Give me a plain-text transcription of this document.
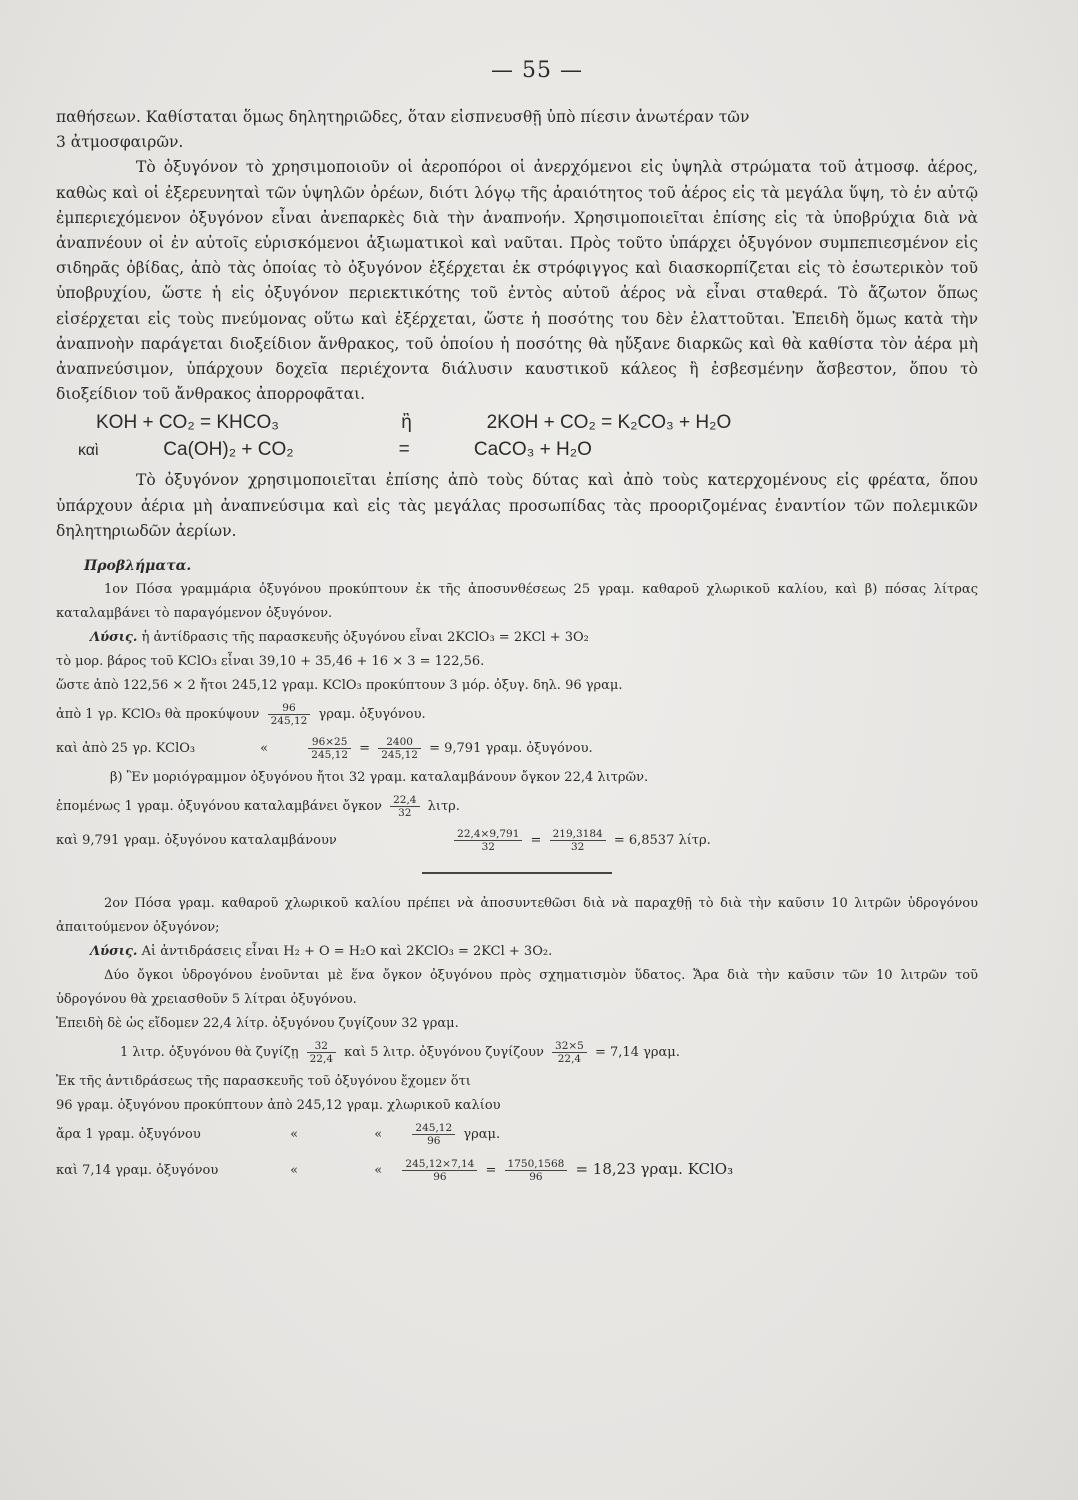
— 55 —

παθήσεων. Καθίσταται ὅμως δηλητηριῶδες, ὅταν εἰσπνευσθῇ ὑπὸ πίεσιν ἀνωτέραν τῶν

3 ἀτμοσφαιρῶν.

Τὸ ὀξυγόνον τὸ χρησιμοποιοῦν οἱ ἀεροπόροι οἱ ἀνερχόμενοι εἰς ὑψηλὰ στρώματα τοῦ ἀτμοσφ. ἀέρος, καθὼς καὶ οἱ ἐξερευνηταὶ τῶν ὑψηλῶν ὀρέων, διότι λόγῳ τῆς ἀραιότητος τοῦ ἀέρος εἰς τὰ μεγάλα ὕψη, τὸ ἐν αὐτῷ ἐμπεριεχόμενον ὀξυγόνον εἶναι ἀνεπαρκὲς διὰ τὴν ἀναπνοήν. Χρησιμοποιεῖται ἐπίσης εἰς τὰ ὑποβρύχια διὰ νὰ ἀναπνέουν οἱ ἐν αὐτοῖς εὑρισκόμενοι ἀξιωματικοὶ καὶ ναῦται. Πρὸς τοῦτο ὑπάρχει ὀξυγόνον συμπεπιεσμένον εἰς σιδηρᾶς ὀβίδας, ἀπὸ τὰς ὁποίας τὸ ὀξυγόνον ἐξέρχεται ἐκ στρόφιγγος καὶ διασκορπίζεται εἰς τὸ ἐσωτερικὸν τοῦ ὑποβρυχίου, ὥστε ἡ εἰς ὀξυγόνον περιεκτικότης τοῦ ἐντὸς αὐτοῦ ἀέρος νὰ εἶναι σταθερά. Τὸ ἄζωτον ὅπως εἰσέρχεται εἰς τοὺς πνεύμονας οὕτω καὶ ἐξέρχεται, ὥστε ἡ ποσότης του δὲν ἐλαττοῦται. Ἐπειδὴ ὅμως κατὰ τὴν ἀναπνοὴν παράγεται διοξείδιον ἄνθρακος, τοῦ ὁποίου ἡ ποσότης θὰ ηὔξανε διαρκῶς καὶ θὰ καθίστα τὸν ἀέρα μὴ ἀναπνεύσιμον, ὑπάρχουν δοχεῖα περιέχοντα διάλυσιν καυστικοῦ κάλεος ἢ ἐσβεσμένην ἄσβεστον, ὅπου τὸ διοξείδιον τοῦ ἄνθρακος ἀπορροφᾶται.

KOH + CO₂ = KHCO₃	ἢ	2KOH + CO₂ = K₂CO₃ + H₂O
καὶ	Ca(OH)₂ + CO₂	=	CaCO₃ + H₂O

Τὸ ὀξυγόνον χρησιμοποιεῖται ἐπίσης ἀπὸ τοὺς δύτας καὶ ἀπὸ τοὺς κατερχομένους εἰς φρέατα, ὅπου ὑπάρχουν ἀέρια μὴ ἀναπνεύσιμα καὶ εἰς τὰς μεγάλας προσωπίδας τὰς προοριζομένας ἐναντίον τῶν πολεμικῶν δηλητηριωδῶν ἀερίων.

Προβλήματα.

1ον Πόσα γραμμάρια ὀξυγόνου προκύπτουν ἐκ τῆς ἀποσυνθέσεως 25 γραμ. καθαροῦ χλωρικοῦ καλίου, καὶ β) πόσας λίτρας καταλαμβάνει τὸ παραγόμενον ὀξυγόνον.

Λύσις. ἡ ἀντίδρασις τῆς παρασκευῆς ὀξυγόνου εἶναι 2KClO₃ = 2KCl + 3O₂
τὸ μορ. βάρος τοῦ KClO₃ εἶναι 39,10 + 35,46 + 16 × 3 = 122,56.
ὥστε ἀπὸ 122,56 × 2 ἤτοι 245,12 γραμ. KClO₃ προκύπτουν 3 μόρ. ὀξυγ. δηλ. 96 γραμ.
ἀπὸ 1 γρ. KClO₃ θὰ προκύψουν $\frac{96}{245,12} \gamma\rho\alpha\mu$. ὀξυγόνου.
καὶ ἀπὸ 25 γρ. KClO₃	«	$\frac{96\times 25}{245,12} = \frac{2400}{245,12} = 9,791$ γραμ. ὀξυγόνου.
β) Ἓν μοριόγραμμον ὀξυγόνου ἤτοι 32 γραμ. καταλαμβάνουν ὄγκον 22,4 λιτρῶν.
ἑπομένως 1 γραμ. ὀξυγόνου καταλαμβάνει ὄγκον $\frac{22,4}{32} \lambda\iota\tau\rho$.
καὶ 9,791 γραμ. ὀξυγόνου καταλαμβάνουν	$\frac{22,4\times 9,791}{32} = \frac{219,3184}{32} = 6,8537$ λίτρ.

2ον Πόσα γραμ. καθαροῦ χλωρικοῦ καλίου πρέπει νὰ ἀποσυντεθῶσι διὰ νὰ παραχθῇ τὸ διὰ τὴν καῦσιν 10 λιτρῶν ὑδρογόνου ἀπαιτούμενον ὀξυγόνον;

Λύσις. Αἱ ἀντιδράσεις εἶναι H₂ + O = H₂O καὶ 2KClO₃ = 2KCl + 3O₂.

Δύο ὄγκοι ὑδρογόνου ἑνοῦνται μὲ ἕνα ὄγκον ὀξυγόνου πρὸς σχηματισμὸν ὕδατος. Ἄρα διὰ τὴν καῦσιν τῶν 10 λιτρῶν τοῦ ὑδρογόνου θὰ χρειασθοῦν 5 λίτραι ὀξυγόνου.

Ἐπειδὴ δὲ ὡς εἴδομεν 22,4 λίτρ. ὀξυγόνου ζυγίζουν 32 γραμ.
1 λιτρ. ὀξυγόνου θὰ ζυγίζῃ $\frac{32}{22,4}$ καὶ 5 λιτρ. ὀξυγόνου ζυγίζουν $\frac{32\times 5}{22,4} = 7,14$ γραμ.
Ἐκ τῆς ἀντιδράσεως τῆς παρασκευῆς τοῦ ὀξυγόνου ἔχομεν ὅτι
96 γραμ. ὀξυγόνου προκύπτουν ἀπὸ 245,12 γραμ. χλωρικοῦ καλίου
ἄρα 1 γραμ. ὀξυγόνου	«	«	$\frac{245,12}{96} \gamma\rho\alpha\mu$.
καὶ 7,14 γραμ. ὀξυγόνου	«	« $\frac{245,12\times 7,14}{96} = \frac{1750,1568}{96} = 18,23$ γραμ. KClO₃
